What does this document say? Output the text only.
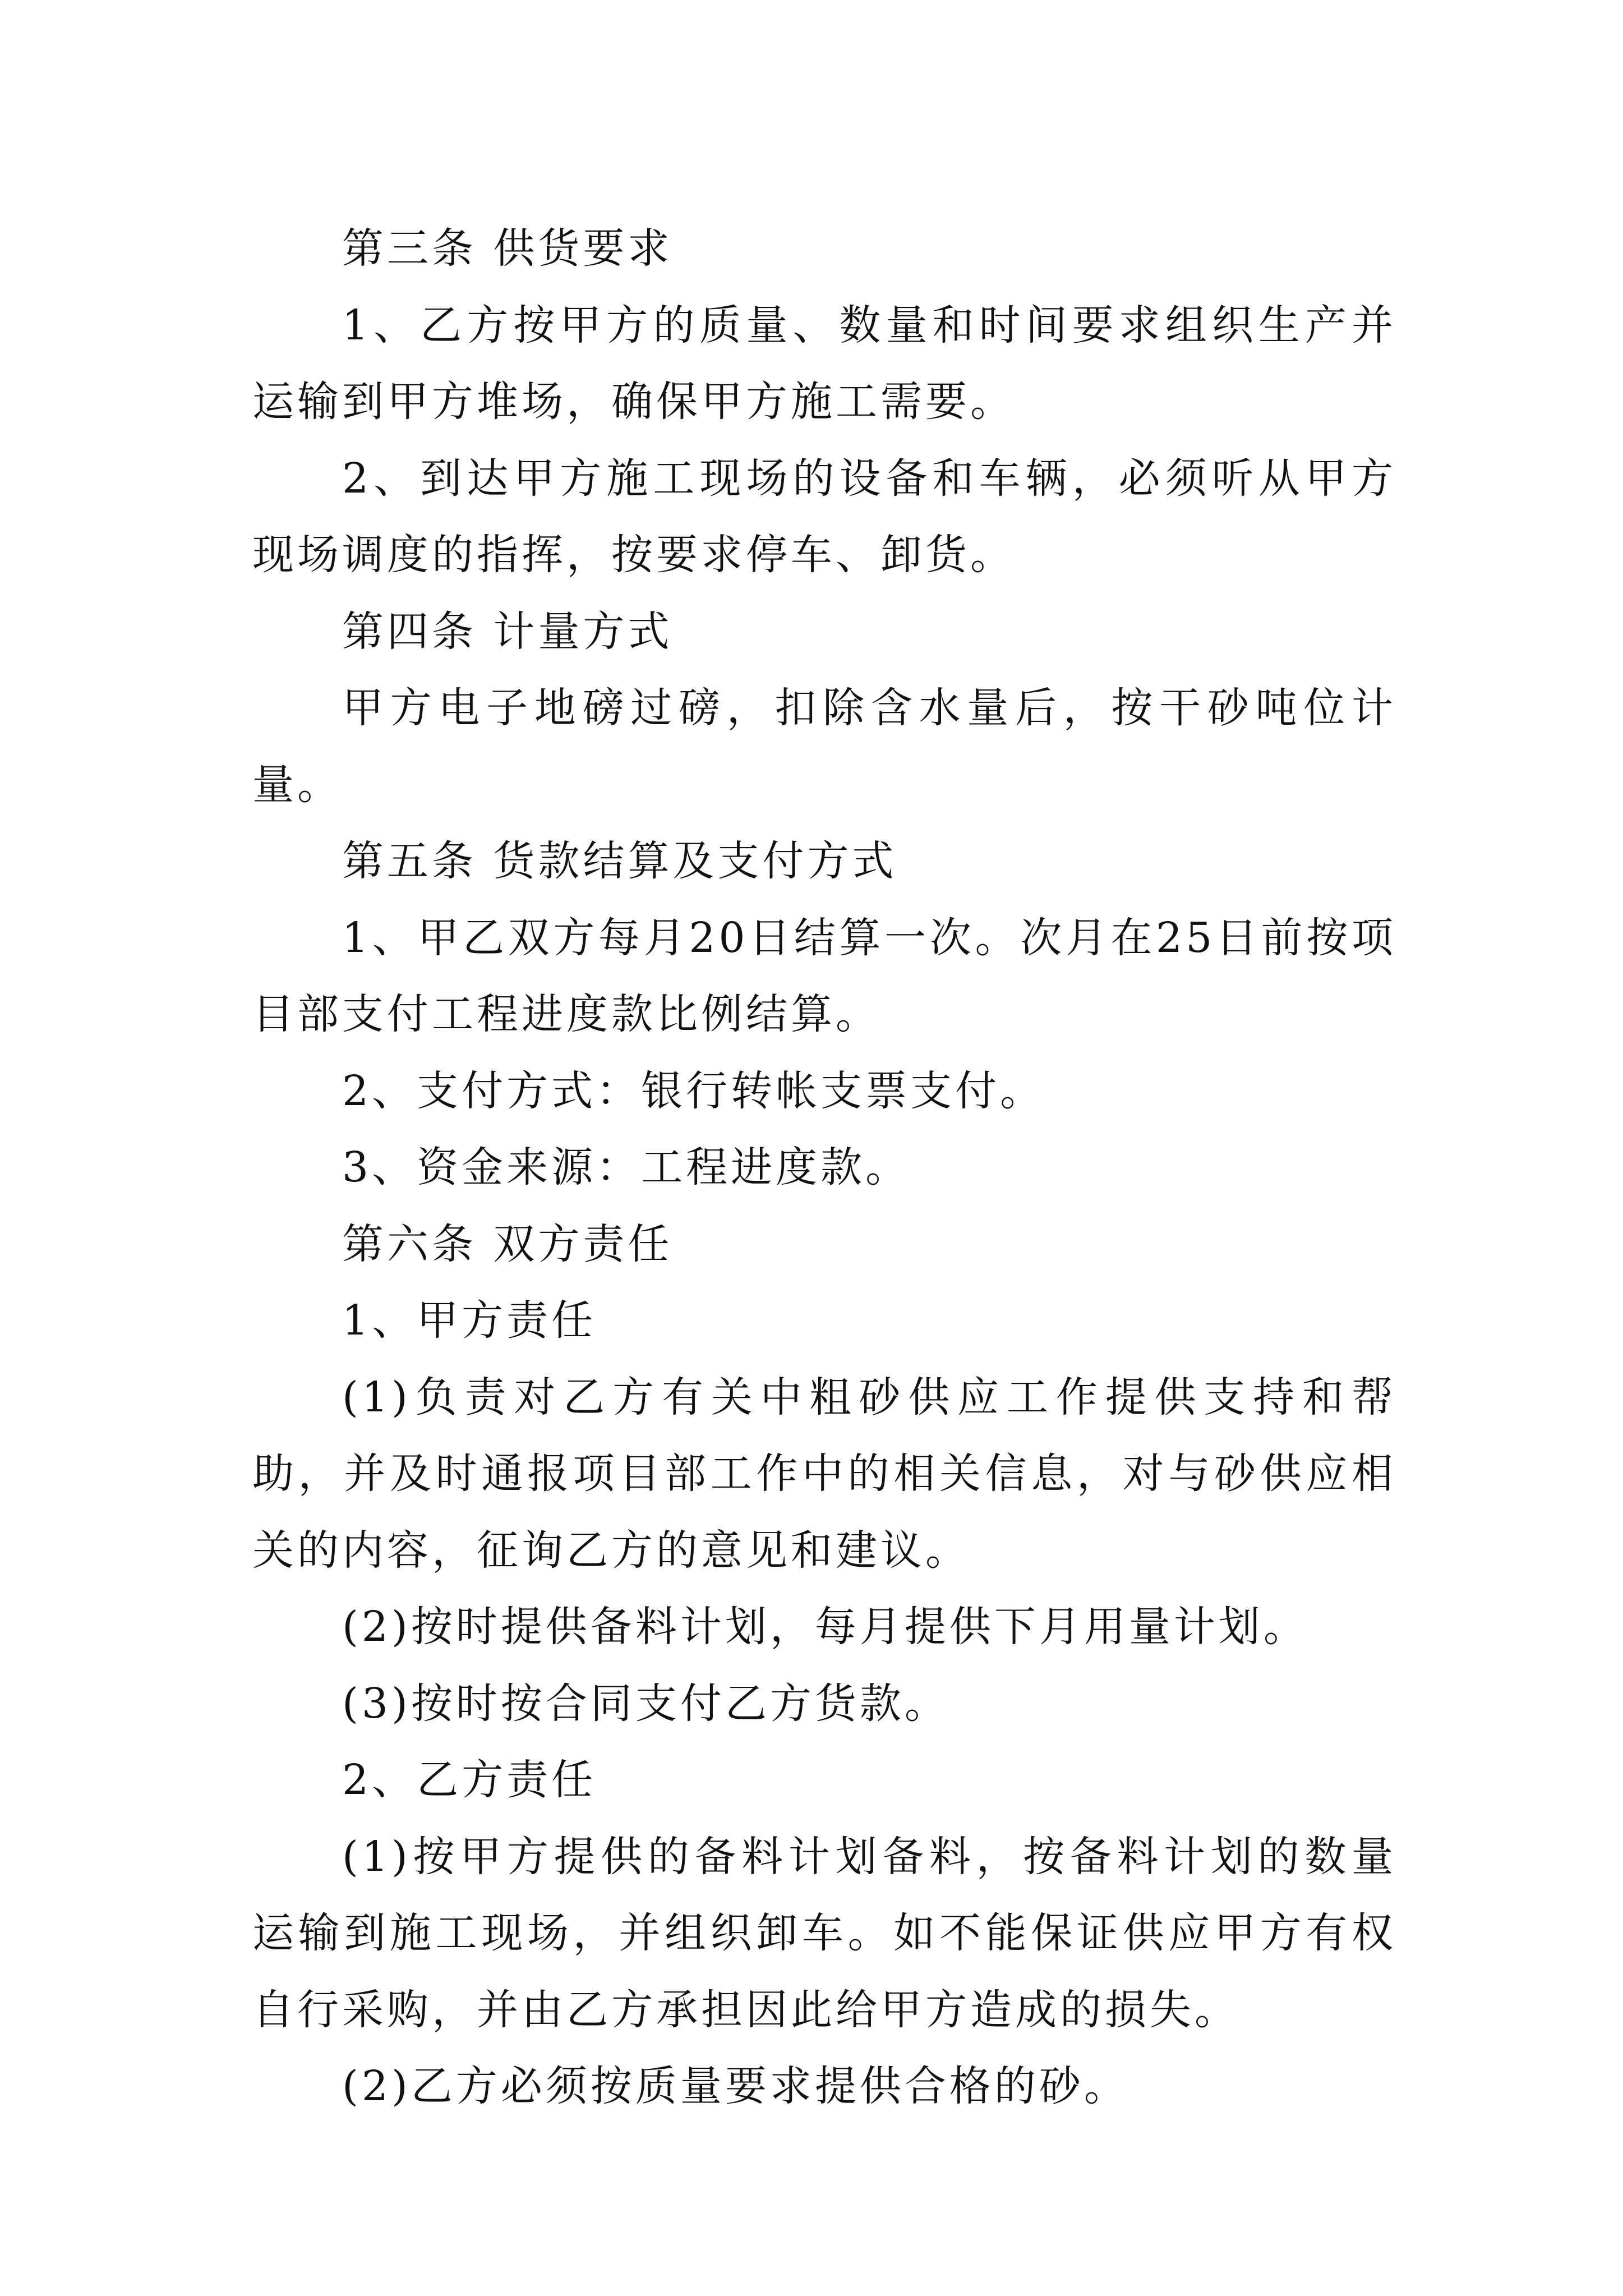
第三条 供货要求

1、乙方按甲方的质量、数量和时间要求组织生产并运输到甲方堆场，确保甲方施工需要。

2、到达甲方施工现场的设备和车辆，必须听从甲方现场调度的指挥，按要求停车、卸货。

第四条 计量方式

甲方电子地磅过磅，扣除含水量后，按干砂吨位计量。

第五条 货款结算及支付方式

1、甲乙双方每月20日结算一次。次月在25日前按项目部支付工程进度款比例结算。

2、支付方式：银行转帐支票支付。

3、资金来源：工程进度款。

第六条 双方责任

1、甲方责任

(1)负责对乙方有关中粗砂供应工作提供支持和帮助，并及时通报项目部工作中的相关信息，对与砂供应相关的内容，征询乙方的意见和建议。

(2)按时提供备料计划，每月提供下月用量计划。

(3)按时按合同支付乙方货款。

2、乙方责任

(1)按甲方提供的备料计划备料，按备料计划的数量运输到施工现场，并组织卸车。如不能保证供应甲方有权自行采购，并由乙方承担因此给甲方造成的损失。

(2)乙方必须按质量要求提供合格的砂。
